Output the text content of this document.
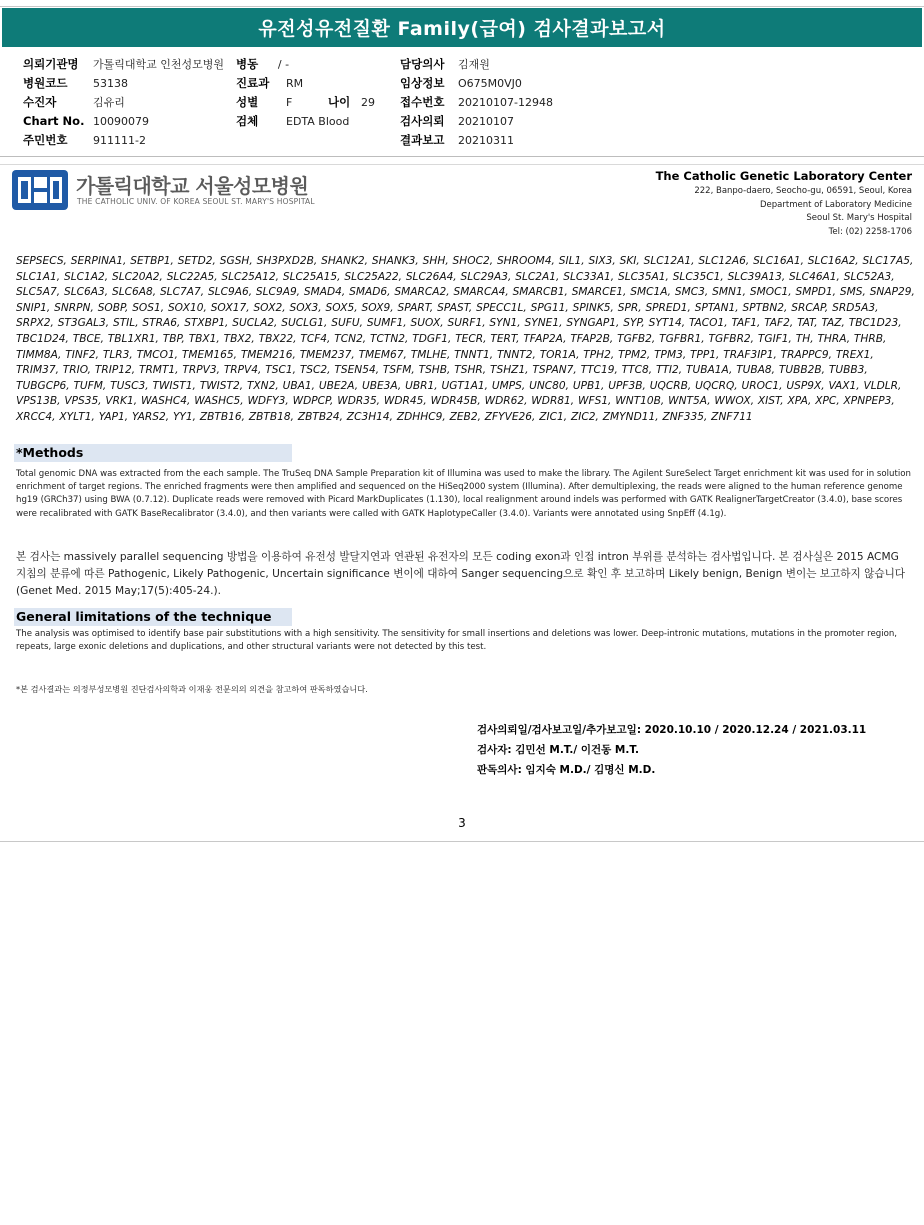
유전성유전질환 Family(급여) 검사결과보고서
의뢰기관명 가톨릭대학교 인천성모병원
병원코드 53138
수진자	김유리
Chart No. 10090079
주민번호 911111-2
병동 / -
진료과 RM
성별	F	나이 29
검체	EDTA Blood
담당의사 김재원
임상정보 O675M0VJ0
접수번호 20210107-12948
검사의뢰 20210107
결과보고 20210311
가톨릭대학교 서울성모병원
THE CATHOLIC UNIV. OF KOREA SEOUL ST. MARY'S HOSPITAL
The Catholic Genetic Laboratory Center
222, Banpo-daero, Seocho-gu, 06591, Seoul, Korea
Department of Laboratory Medicine
Seoul St. Mary's Hospital
Tel: (02) 2258-1706
SEPSECS, SERPINA1, SETBP1, SETD2, SGSH, SH3PXD2B, SHANK2, SHANK3, SHH, SHOC2, SHROOM4, SIL1, SIX3, SKI, SLC12A1, SLC12A6, SLC16A1, SLC16A2, SLC17A5, SLC1A1, SLC1A2, SLC20A2, SLC22A5, SLC25A12, SLC25A15, SLC25A22, SLC26A4, SLC29A3, SLC2A1, SLC33A1, SLC35A1, SLC35C1, SLC39A13, SLC46A1, SLC52A3, SLC5A7, SLC6A3, SLC6A8, SLC7A7, SLC9A6, SLC9A9, SMAD4, SMAD6, SMARCA2, SMARCA4, SMARCB1, SMARCE1, SMC1A, SMC3, SMN1, SMOC1, SMPD1, SMS, SNAP29, SNIP1, SNRPN, SOBP, SOS1, SOX10, SOX17, SOX2, SOX3, SOX5, SOX9, SPART, SPAST, SPECC1L, SPG11, SPINK5, SPR, SPRED1, SPTAN1, SPTBN2, SRCAP, SRD5A3, SRPX2, ST3GAL3, STIL, STRA6, STXBP1, SUCLA2, SUCLG1, SUFU, SUMF1, SUOX, SURF1, SYN1, SYNE1, SYNGAP1, SYP, SYT14, TACO1, TAF1, TAF2, TAT, TAZ, TBC1D23, TBC1D24, TBCE, TBL1XR1, TBP, TBX1, TBX2, TBX22, TCF4, TCN2, TCTN2, TDGF1, TECR, TERT, TFAP2A, TFAP2B, TGFB2, TGFBR1, TGFBR2, TGIF1, TH, THRA, THRB, TIMM8A, TINF2, TLR3, TMCO1, TMEM165, TMEM216, TMEM237, TMEM67, TMLHE, TNNT1, TNNT2, TOR1A, TPH2, TPM2, TPM3, TPP1, TRAF3IP1, TRAPPC9, TREX1, TRIM37, TRIO, TRIP12, TRMT1, TRPV3, TRPV4, TSC1, TSC2, TSEN54, TSFM, TSHB, TSHR, TSHZ1, TSPAN7, TTC19, TTC8, TTI2, TUBA1A, TUBA8, TUBB2B, TUBB3, TUBGCP6, TUFM, TUSC3, TWIST1, TWIST2, TXN2, UBA1, UBE2A, UBE3A, UBR1, UGT1A1, UMPS, UNC80, UPB1, UPF3B, UQCRB, UQCRQ, UROC1, USP9X, VAX1, VLDLR, VPS13B, VPS35, VRK1, WASHC4, WASHC5, WDFY3, WDPCP, WDR35, WDR45, WDR45B, WDR62, WDR81, WFS1, WNT10B, WNT5A, WWOX, XIST, XPA, XPC, XPNPEP3, XRCC4, XYLT1, YAP1, YARS2, YY1, ZBTB16, ZBTB18, ZBTB24, ZC3H14, ZDHHC9, ZEB2, ZFYVE26, ZIC1, ZIC2, ZMYND11, ZNF335, ZNF711
*Methods
Total genomic DNA was extracted from the each sample. The TruSeq DNA Sample Preparation kit of Illumina was used to make the library. The Agilent SureSelect Target enrichment kit was used for in solution enrichment of target regions. The enriched fragments were then amplified and sequenced on the HiSeq2000 system (Illumina). After demultiplexing, the reads were aligned to the human reference genome hg19 (GRCh37) using BWA (0.7.12). Duplicate reads were removed with Picard MarkDuplicates (1.130), local realignment around indels was performed with GATK RealignerTargetCreator (3.4.0), base scores were recalibrated with GATK BaseRecalibrator (3.4.0), and then variants were called with GATK HaplotypeCaller (3.4.0). Variants were annotated using SnpEff (4.1g).
본 검사는 massively parallel sequencing 방법을 이용하여 유전성 발달지연과 연관된 유전자의 모든 coding exon과 인접 intron 부위를 분석하는 검사법입니다. 본 검사실은 2015 ACMG 지침의 분류에 따른 Pathogenic, Likely Pathogenic, Uncertain significance 변이에 대하여 Sanger sequencing으로 확인 후 보고하며 Likely benign, Benign 변이는 보고하지 않습니다(Genet Med. 2015 May;17(5):405-24.).
General limitations of the technique
The analysis was optimised to identify base pair substitutions with a high sensitivity. The sensitivity for small insertions and deletions was lower. Deep-intronic mutations, mutations in the promoter region, repeats, large exonic deletions and duplications, and other structural variants were not detected by this test.
*본 검사결과는 의정부성모병원 진단검사의학과 이재웅 전문의의 의견을 참고하여 판독하였습니다.
검사의뢰일/검사보고일/추가보고일: 2020.10.10 / 2020.12.24 / 2021.03.11
검사자: 김민선 M.T./ 이건동 M.T.
판독의사: 임지숙 M.D./ 김명신 M.D.
3
